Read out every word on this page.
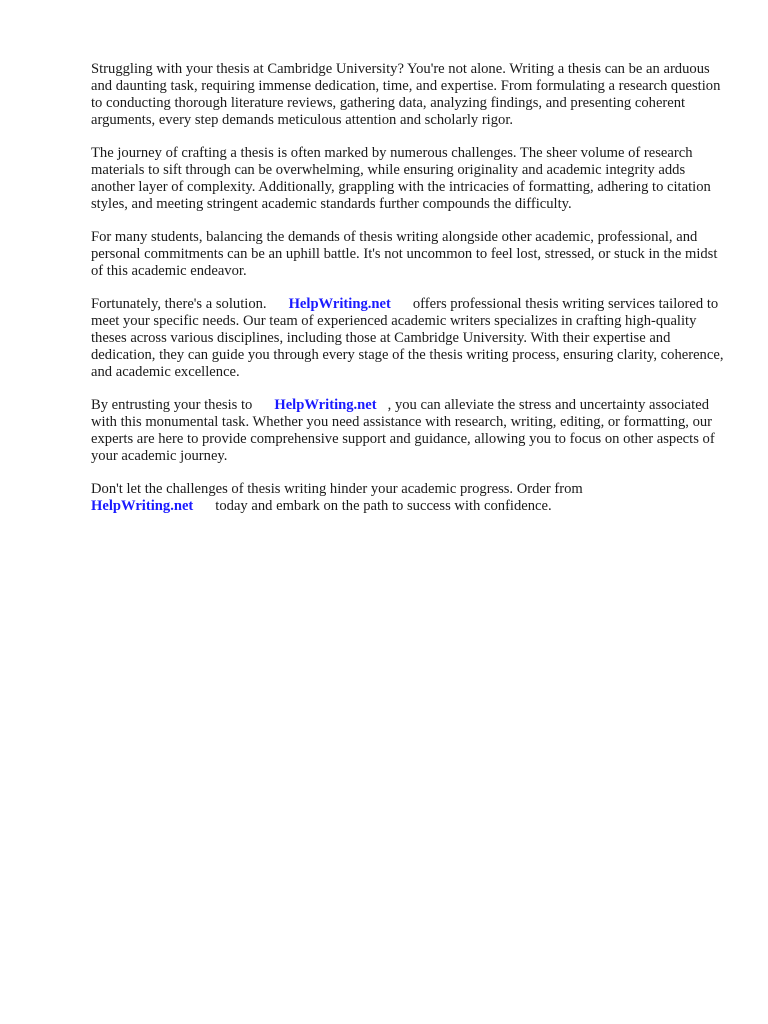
Struggling with your thesis at Cambridge University? You're not alone. Writing a thesis can be an arduous and daunting task, requiring immense dedication, time, and expertise. From formulating a research question to conducting thorough literature reviews, gathering data, analyzing findings, and presenting coherent arguments, every step demands meticulous attention and scholarly rigor.

The journey of crafting a thesis is often marked by numerous challenges. The sheer volume of research materials to sift through can be overwhelming, while ensuring originality and academic integrity adds another layer of complexity. Additionally, grappling with the intricacies of formatting, adhering to citation styles, and meeting stringent academic standards further compounds the difficulty.

For many students, balancing the demands of thesis writing alongside other academic, professional, and personal commitments can be an uphill battle. It's not uncommon to feel lost, stressed, or stuck in the midst of this academic endeavor.

Fortunately, there's a solution. HelpWriting.net offers professional thesis writing services tailored to meet your specific needs. Our team of experienced academic writers specializes in crafting high-quality theses across various disciplines, including those at Cambridge University. With their expertise and dedication, they can guide you through every stage of the thesis writing process, ensuring clarity, coherence, and academic excellence.

By entrusting your thesis to HelpWriting.net , you can alleviate the stress and uncertainty associated with this monumental task. Whether you need assistance with research, writing, editing, or formatting, our experts are here to provide comprehensive support and guidance, allowing you to focus on other aspects of your academic journey.

Don't let the challenges of thesis writing hinder your academic progress. Order from
HelpWriting.net today and embark on the path to success with confidence.
